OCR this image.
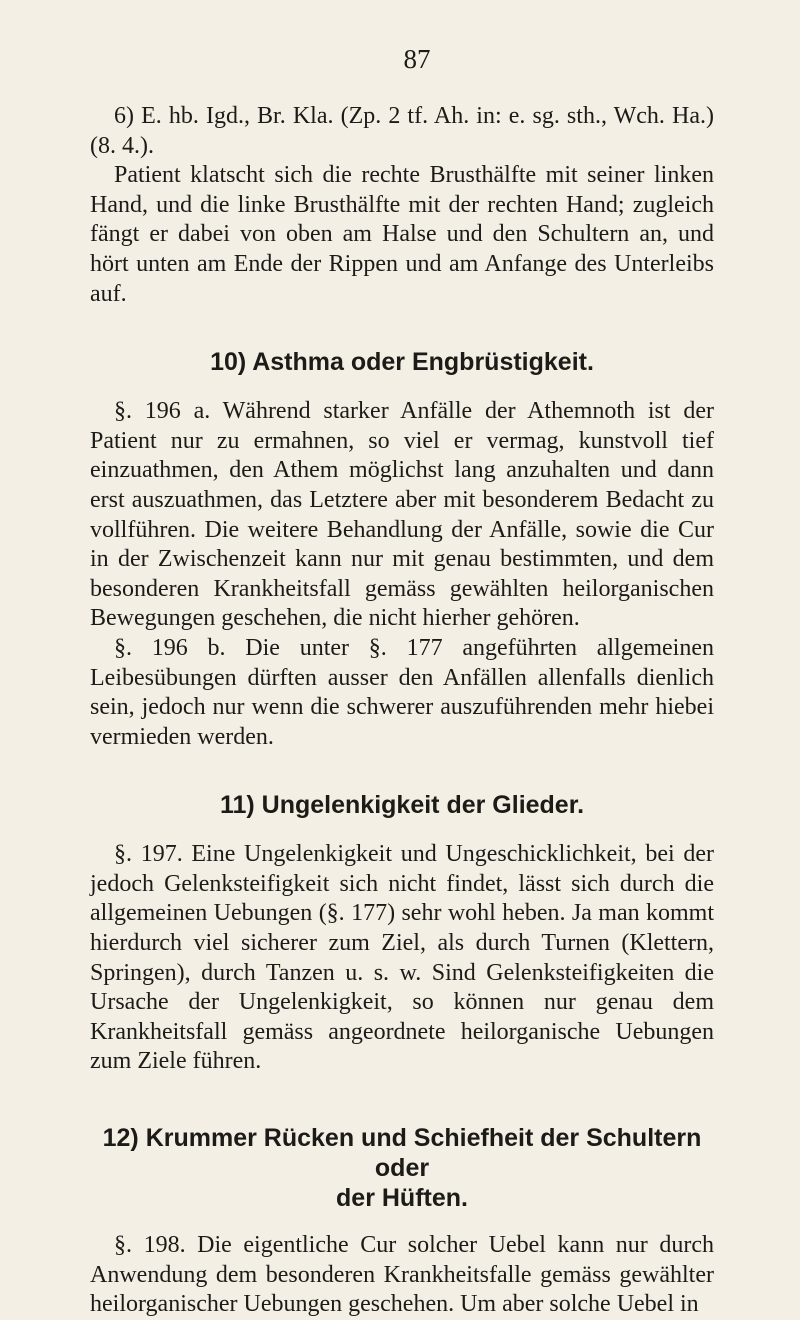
87

6) E. hb. Igd., Br. Kla. (Zp. 2 tf. Ah. in: e. sg. sth., Wch. Ha.) (8. 4.).

Patient klatscht sich die rechte Brusthälfte mit seiner linken Hand, und die linke Brusthälfte mit der rechten Hand; zugleich fängt er dabei von oben am Halse und den Schultern an, und hört unten am Ende der Rippen und am Anfange des Unterleibs auf.

10) Asthma oder Engbrüstigkeit.

§. 196 a. Während starker Anfälle der Athemnoth ist der Patient nur zu ermahnen, so viel er vermag, kunstvoll tief einzuathmen, den Athem möglichst lang anzuhalten und dann erst auszuathmen, das Letztere aber mit besonderem Bedacht zu vollführen. Die weitere Behandlung der Anfälle, sowie die Cur in der Zwischenzeit kann nur mit genau bestimmten, und dem besonderen Krankheitsfall gemäss gewählten heilorganischen Bewegungen geschehen, die nicht hierher gehören.

§. 196 b. Die unter §. 177 angeführten allgemeinen Leibesübungen dürften ausser den Anfällen allenfalls dienlich sein, jedoch nur wenn die schwerer auszuführenden mehr hiebei vermieden werden.

11) Ungelenkigkeit der Glieder.

§. 197. Eine Ungelenkigkeit und Ungeschicklichkeit, bei der jedoch Gelenksteifigkeit sich nicht findet, lässt sich durch die allgemeinen Uebungen (§. 177) sehr wohl heben. Ja man kommt hierdurch viel sicherer zum Ziel, als durch Turnen (Klettern, Springen), durch Tanzen u. s. w. Sind Gelenksteifigkeiten die Ursache der Ungelenkigkeit, so können nur genau dem Krankheitsfall gemäss angeordnete heilorganische Uebungen zum Ziele führen.

12) Krummer Rücken und Schiefheit der Schultern oder
der Hüften.

§. 198. Die eigentliche Cur solcher Uebel kann nur durch Anwendung dem besonderen Krankheitsfalle gemäss gewählter heilorganischer Uebungen geschehen. Um aber solche Uebel in
